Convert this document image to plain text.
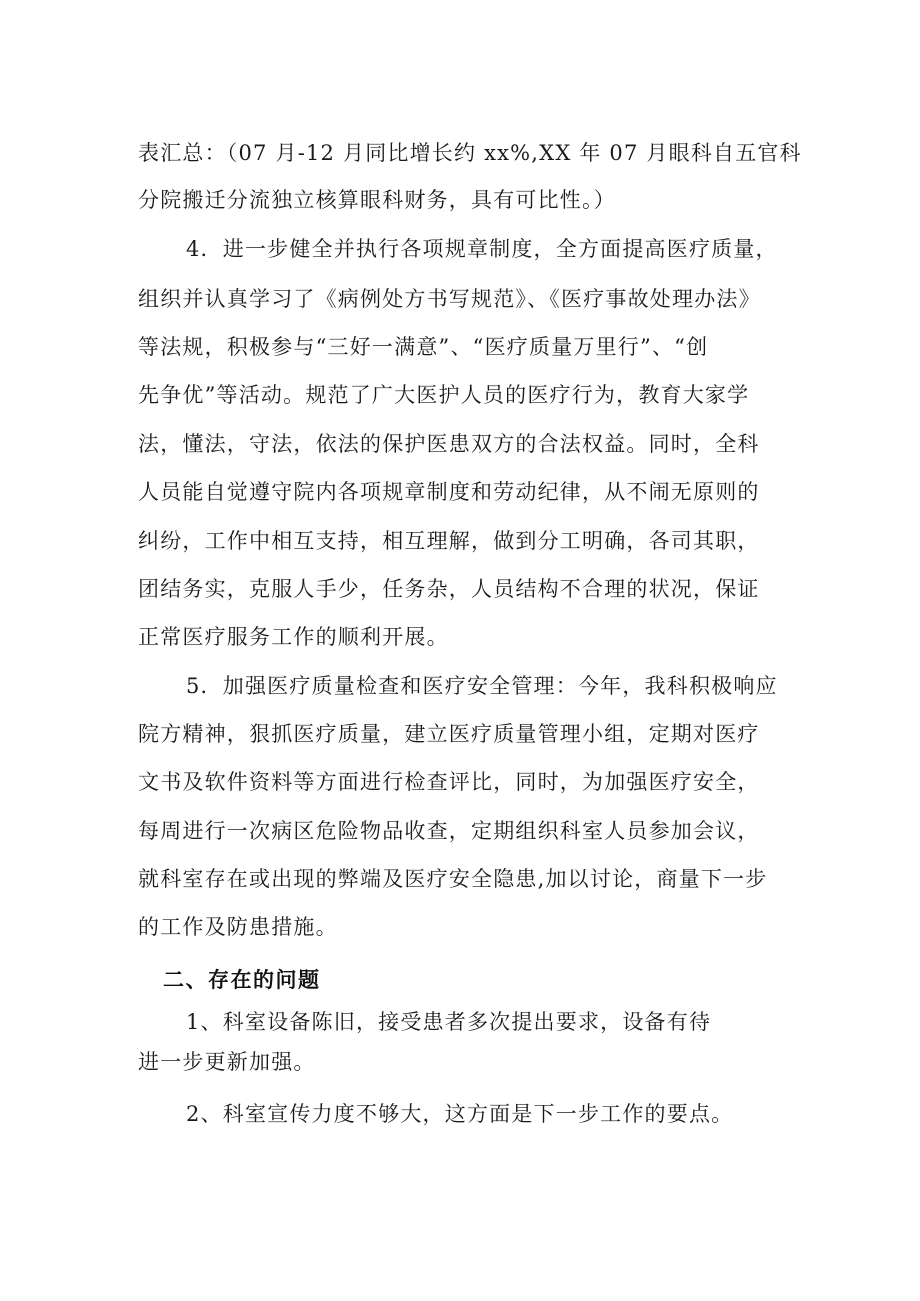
表汇总：（07 月-12 月同比增长约 xx%,XX 年 07 月眼科自五官科
分院搬迁分流独立核算眼科财务，具有可比性。）
4．进一步健全并执行各项规章制度，全方面提高医疗质量，
组织并认真学习了《病例处方书写规范》、《医疗事故处理办法》
等法规，积极参与“三好一满意”、“医疗质量万里行”、“创
先争优”等活动。规范了广大医护人员的医疗行为，教育大家学
法，懂法，守法，依法的保护医患双方的合法权益。同时，全科
人员能自觉遵守院内各项规章制度和劳动纪律，从不闹无原则的
纠纷，工作中相互支持，相互理解，做到分工明确，各司其职，
团结务实，克服人手少，任务杂，人员结构不合理的状况，保证
正常医疗服务工作的顺利开展。
5．加强医疗质量检查和医疗安全管理：今年，我科积极响应
院方精神，狠抓医疗质量，建立医疗质量管理小组，定期对医疗
文书及软件资料等方面进行检查评比，同时，为加强医疗安全，
每周进行一次病区危险物品收查，定期组织科室人员参加会议，
就科室存在或出现的弊端及医疗安全隐患,加以讨论，商量下一步
的工作及防患措施。
二、存在的问题
1、科室设备陈旧，接受患者多次提出要求，设备有待
进一步更新加强。
2、科室宣传力度不够大，这方面是下一步工作的要点。
